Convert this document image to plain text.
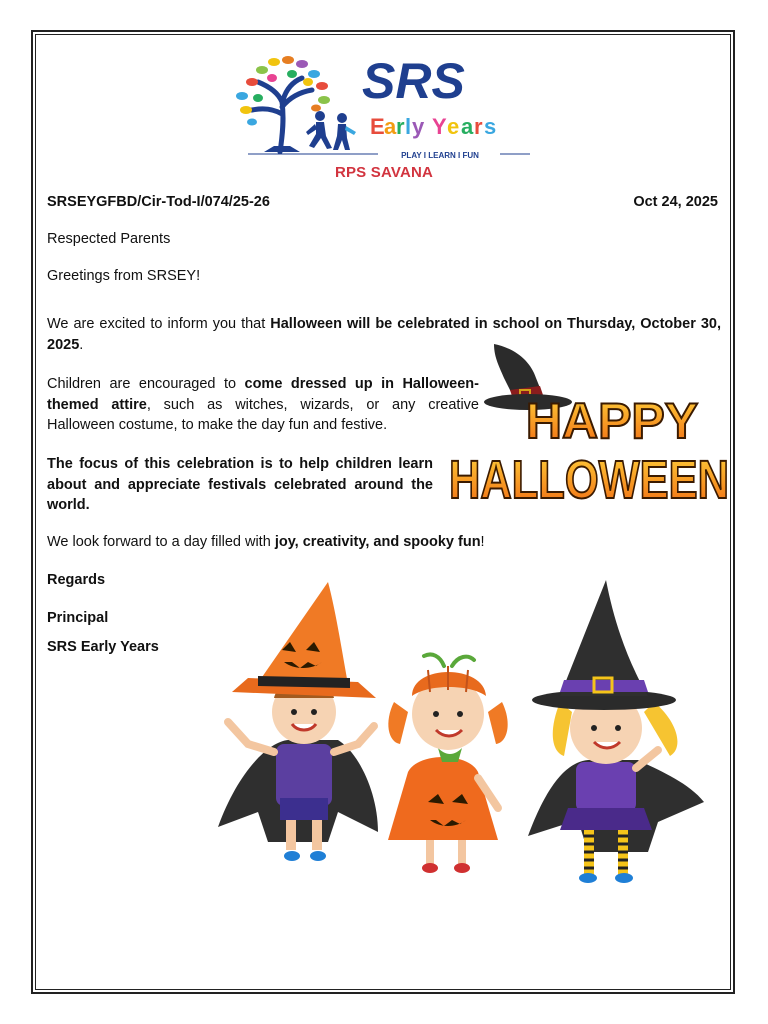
SRS
E a r l y Y e a r s
PLAY I LEARN I FUN
RPS SAVANA
SRSEYGFBD/Cir-Tod-I/074/25-26	Oct 24, 2025
Respected Parents
Greetings from SRSEY!
We are excited to inform you that Halloween will be celebrated in school on Thursday, October 30, 2025.
Children are encouraged to come dressed up in Halloween-themed attire, such as witches, wizards, or any creative Halloween costume, to make the day fun and festive.
The focus of this celebration is to help children learn about and appreciate festivals celebrated around the world.
We look forward to a day filled with joy, creativity, and spooky fun!
Regards
Principal
SRS Early Years
HAPPY
HALLOWEEN
